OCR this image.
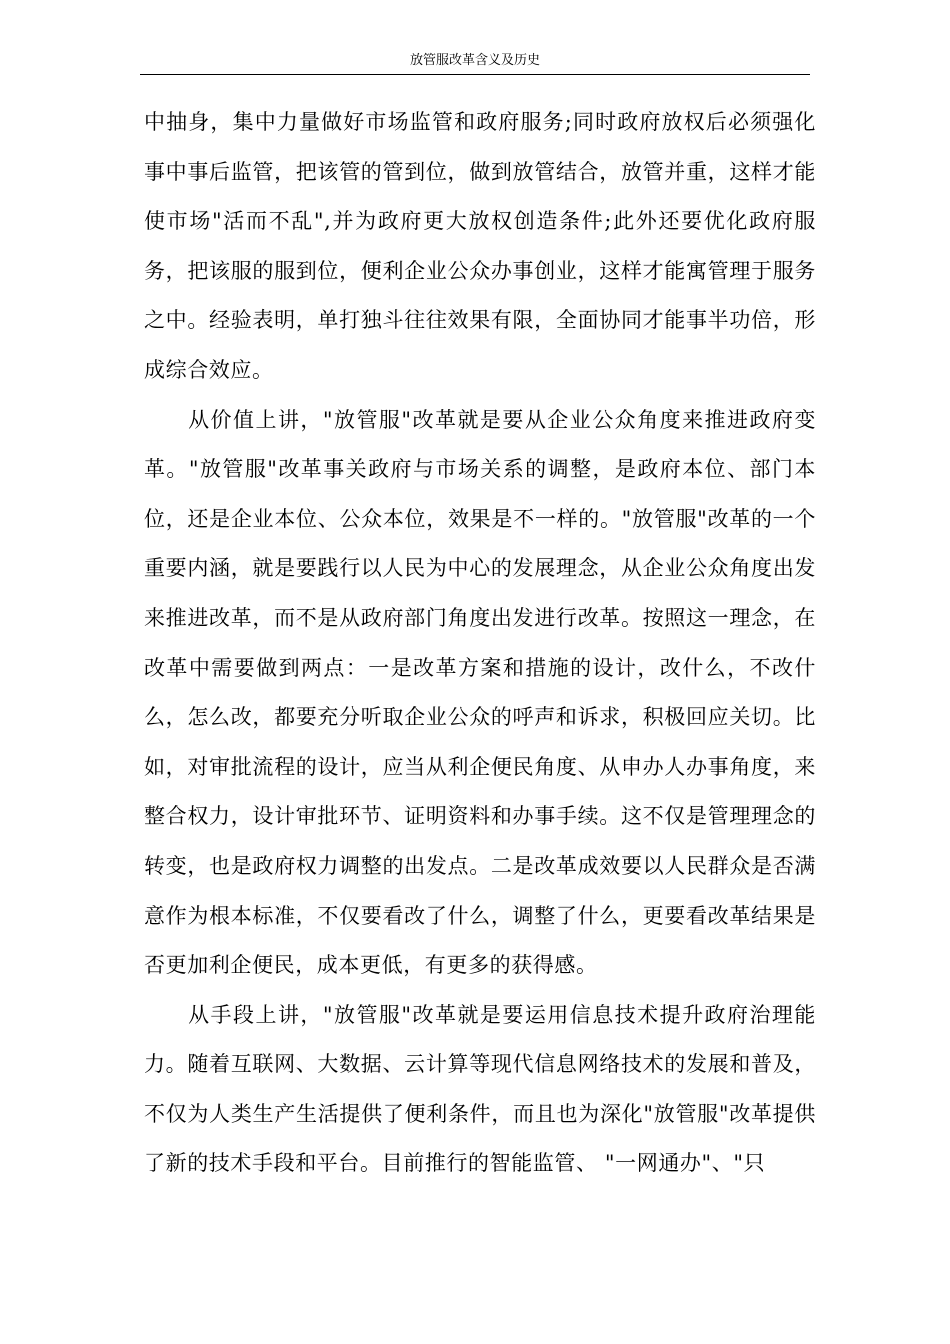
放管服改革含义及历史

中抽身，集中力量做好市场监管和政府服务;同时政府放权后必须强化事中事后监管，把该管的管到位，做到放管结合，放管并重，这样才能使市场"活而不乱",并为政府更大放权创造条件;此外还要优化政府服务，把该服的服到位，便利企业公众办事创业，这样才能寓管理于服务之中。经验表明，单打独斗往往效果有限，全面协同才能事半功倍，形成综合效应。

从价值上讲，"放管服"改革就是要从企业公众角度来推进政府变革。"放管服"改革事关政府与市场关系的调整，是政府本位、部门本位，还是企业本位、公众本位，效果是不一样的。"放管服"改革的一个重要内涵，就是要践行以人民为中心的发展理念，从企业公众角度出发来推进改革，而不是从政府部门角度出发进行改革。按照这一理念，在改革中需要做到两点：一是改革方案和措施的设计，改什么，不改什么，怎么改，都要充分听取企业公众的呼声和诉求，积极回应关切。比如，对审批流程的设计，应当从利企便民角度、从申办人办事角度，来整合权力，设计审批环节、证明资料和办事手续。这不仅是管理理念的转变，也是政府权力调整的出发点。二是改革成效要以人民群众是否满意作为根本标准，不仅要看改了什么，调整了什么，更要看改革结果是否更加利企便民，成本更低，有更多的获得感。

从手段上讲，"放管服"改革就是要运用信息技术提升政府治理能力。随着互联网、大数据、云计算等现代信息网络技术的发展和普及，不仅为人类生产生活提供了便利条件，而且也为深化"放管服"改革提供了新的技术手段和平台。目前推行的智能监管、 "一网通办"、"只
